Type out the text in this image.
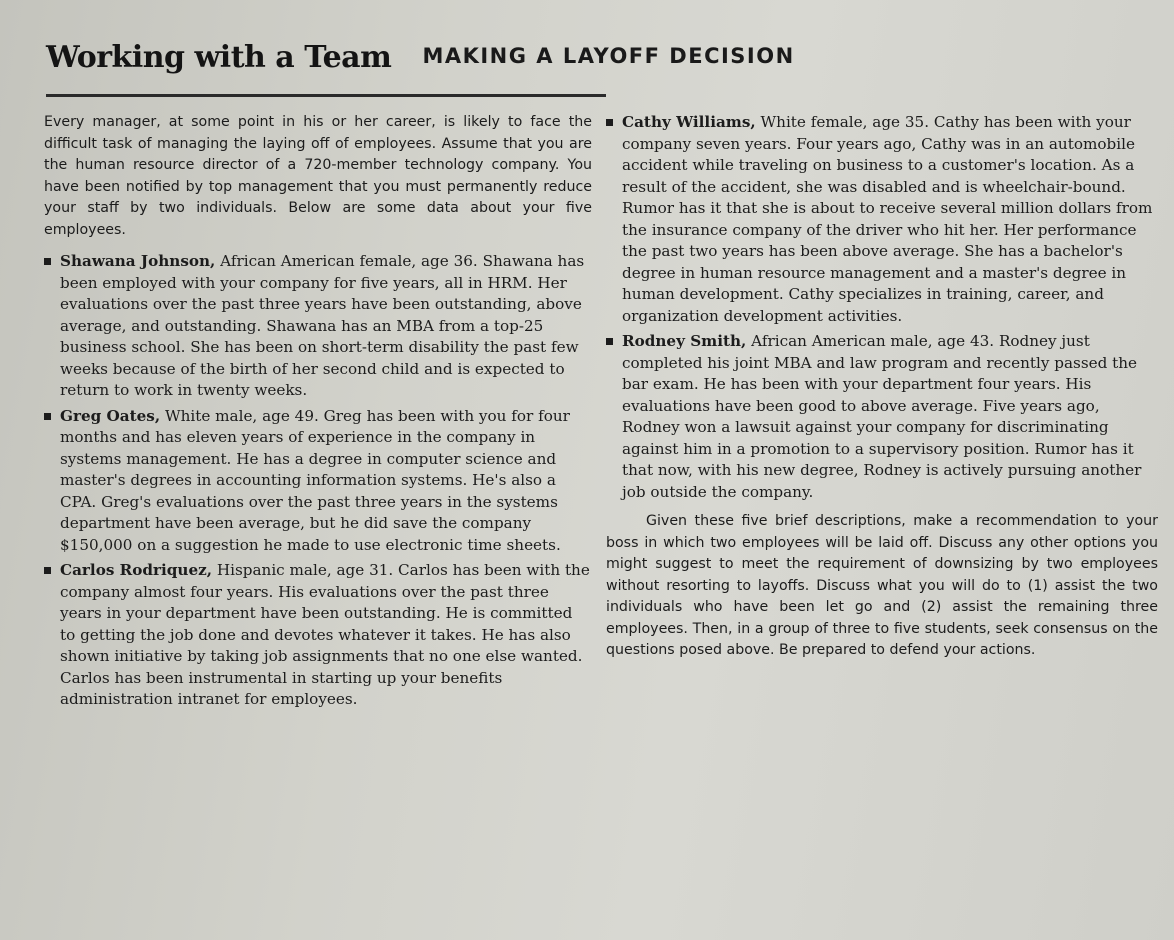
Working with a Team MAKING A LAYOFF DECISION

Every manager, at some point in his or her career, is likely to face the difficult task of managing the laying off of employees. Assume that you are the human resource director of a 720-member technology company. You have been notified by top management that you must permanently reduce your staff by two individuals. Below are some data about your five employees.

Shawana Johnson, African American female, age 36. Shawana has been employed with your company for five years, all in HRM. Her evaluations over the past three years have been outstanding, above average, and outstanding. Shawana has an MBA from a top-25 business school. She has been on short-term disability the past few weeks because of the birth of her second child and is expected to return to work in twenty weeks.
Greg Oates, White male, age 49. Greg has been with you for four months and has eleven years of experience in the company in systems management. He has a degree in computer science and master's degrees in accounting information systems. He's also a CPA. Greg's evaluations over the past three years in the systems department have been average, but he did save the company $150,000 on a suggestion he made to use electronic time sheets.
Carlos Rodriquez, Hispanic male, age 31. Carlos has been with the company almost four years. His evaluations over the past three years in your department have been outstanding. He is committed to getting the job done and devotes whatever it takes. He has also shown initiative by taking job assignments that no one else wanted. Carlos has been instrumental in starting up your benefits administration intranet for employees.
Cathy Williams, White female, age 35. Cathy has been with your company seven years. Four years ago, Cathy was in an automobile accident while traveling on business to a customer's location. As a result of the accident, she was disabled and is wheelchair-bound. Rumor has it that she is about to receive several million dollars from the insurance company of the driver who hit her. Her performance the past two years has been above average. She has a bachelor's degree in human resource management and a master's degree in human development. Cathy specializes in training, career, and organization development activities.
Rodney Smith, African American male, age 43. Rodney just completed his joint MBA and law program and recently passed the bar exam. He has been with your department four years. His evaluations have been good to above average. Five years ago, Rodney won a lawsuit against your company for discriminating against him in a promotion to a supervisory position. Rumor has it that now, with his new degree, Rodney is actively pursuing another job outside the company.

Given these five brief descriptions, make a recommendation to your boss in which two employees will be laid off. Discuss any other options you might suggest to meet the requirement of downsizing by two employees without resorting to layoffs. Discuss what you will do to (1) assist the two individuals who have been let go and (2) assist the remaining three employees. Then, in a group of three to five students, seek consensus on the questions posed above. Be prepared to defend your actions.
